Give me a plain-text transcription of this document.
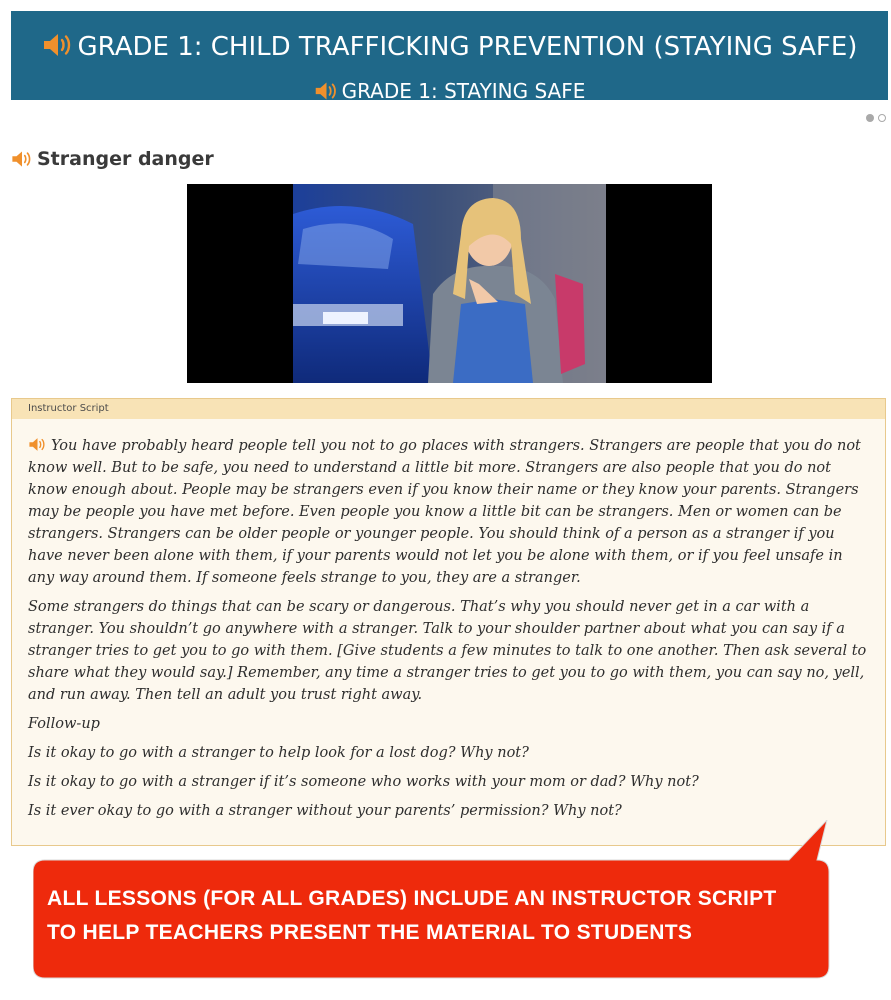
GRADE 1: CHILD TRAFFICKING PREVENTION (STAYING SAFE)
GRADE 1: STAYING SAFE
Stranger danger
Instructor Script

You have probably heard people tell you not to go places with strangers. Strangers are people that you do not know well. But to be safe, you need to understand a little bit more. Strangers are also people that you do not know enough about. People may be strangers even if you know their name or they know your parents. Strangers may be people you have met before. Even people you know a little bit can be strangers. Men or women can be strangers. Strangers can be older people or younger people. You should think of a person as a stranger if you have never been alone with them, if your parents would not let you be alone with them, or if you feel unsafe in any way around them. If someone feels strange to you, they are a stranger.

Some strangers do things that can be scary or dangerous. That’s why you should never get in a car with a stranger. You shouldn’t go anywhere with a stranger. Talk to your shoulder partner about what you can say if a stranger tries to get you to go with them. [Give students a few minutes to talk to one another. Then ask several to share what they would say.] Remember, any time a stranger tries to get you to go with them, you can say no, yell, and run away. Then tell an adult you trust right away.

Follow-up

Is it okay to go with a stranger to help look for a lost dog? Why not?

Is it okay to go with a stranger if it’s someone who works with your mom or dad? Why not?

Is it ever okay to go with a stranger without your parents’ permission? Why not?

ALL LESSONS (FOR ALL GRADES) INCLUDE AN INSTRUCTOR SCRIPT
TO HELP TEACHERS PRESENT THE MATERIAL TO STUDENTS
